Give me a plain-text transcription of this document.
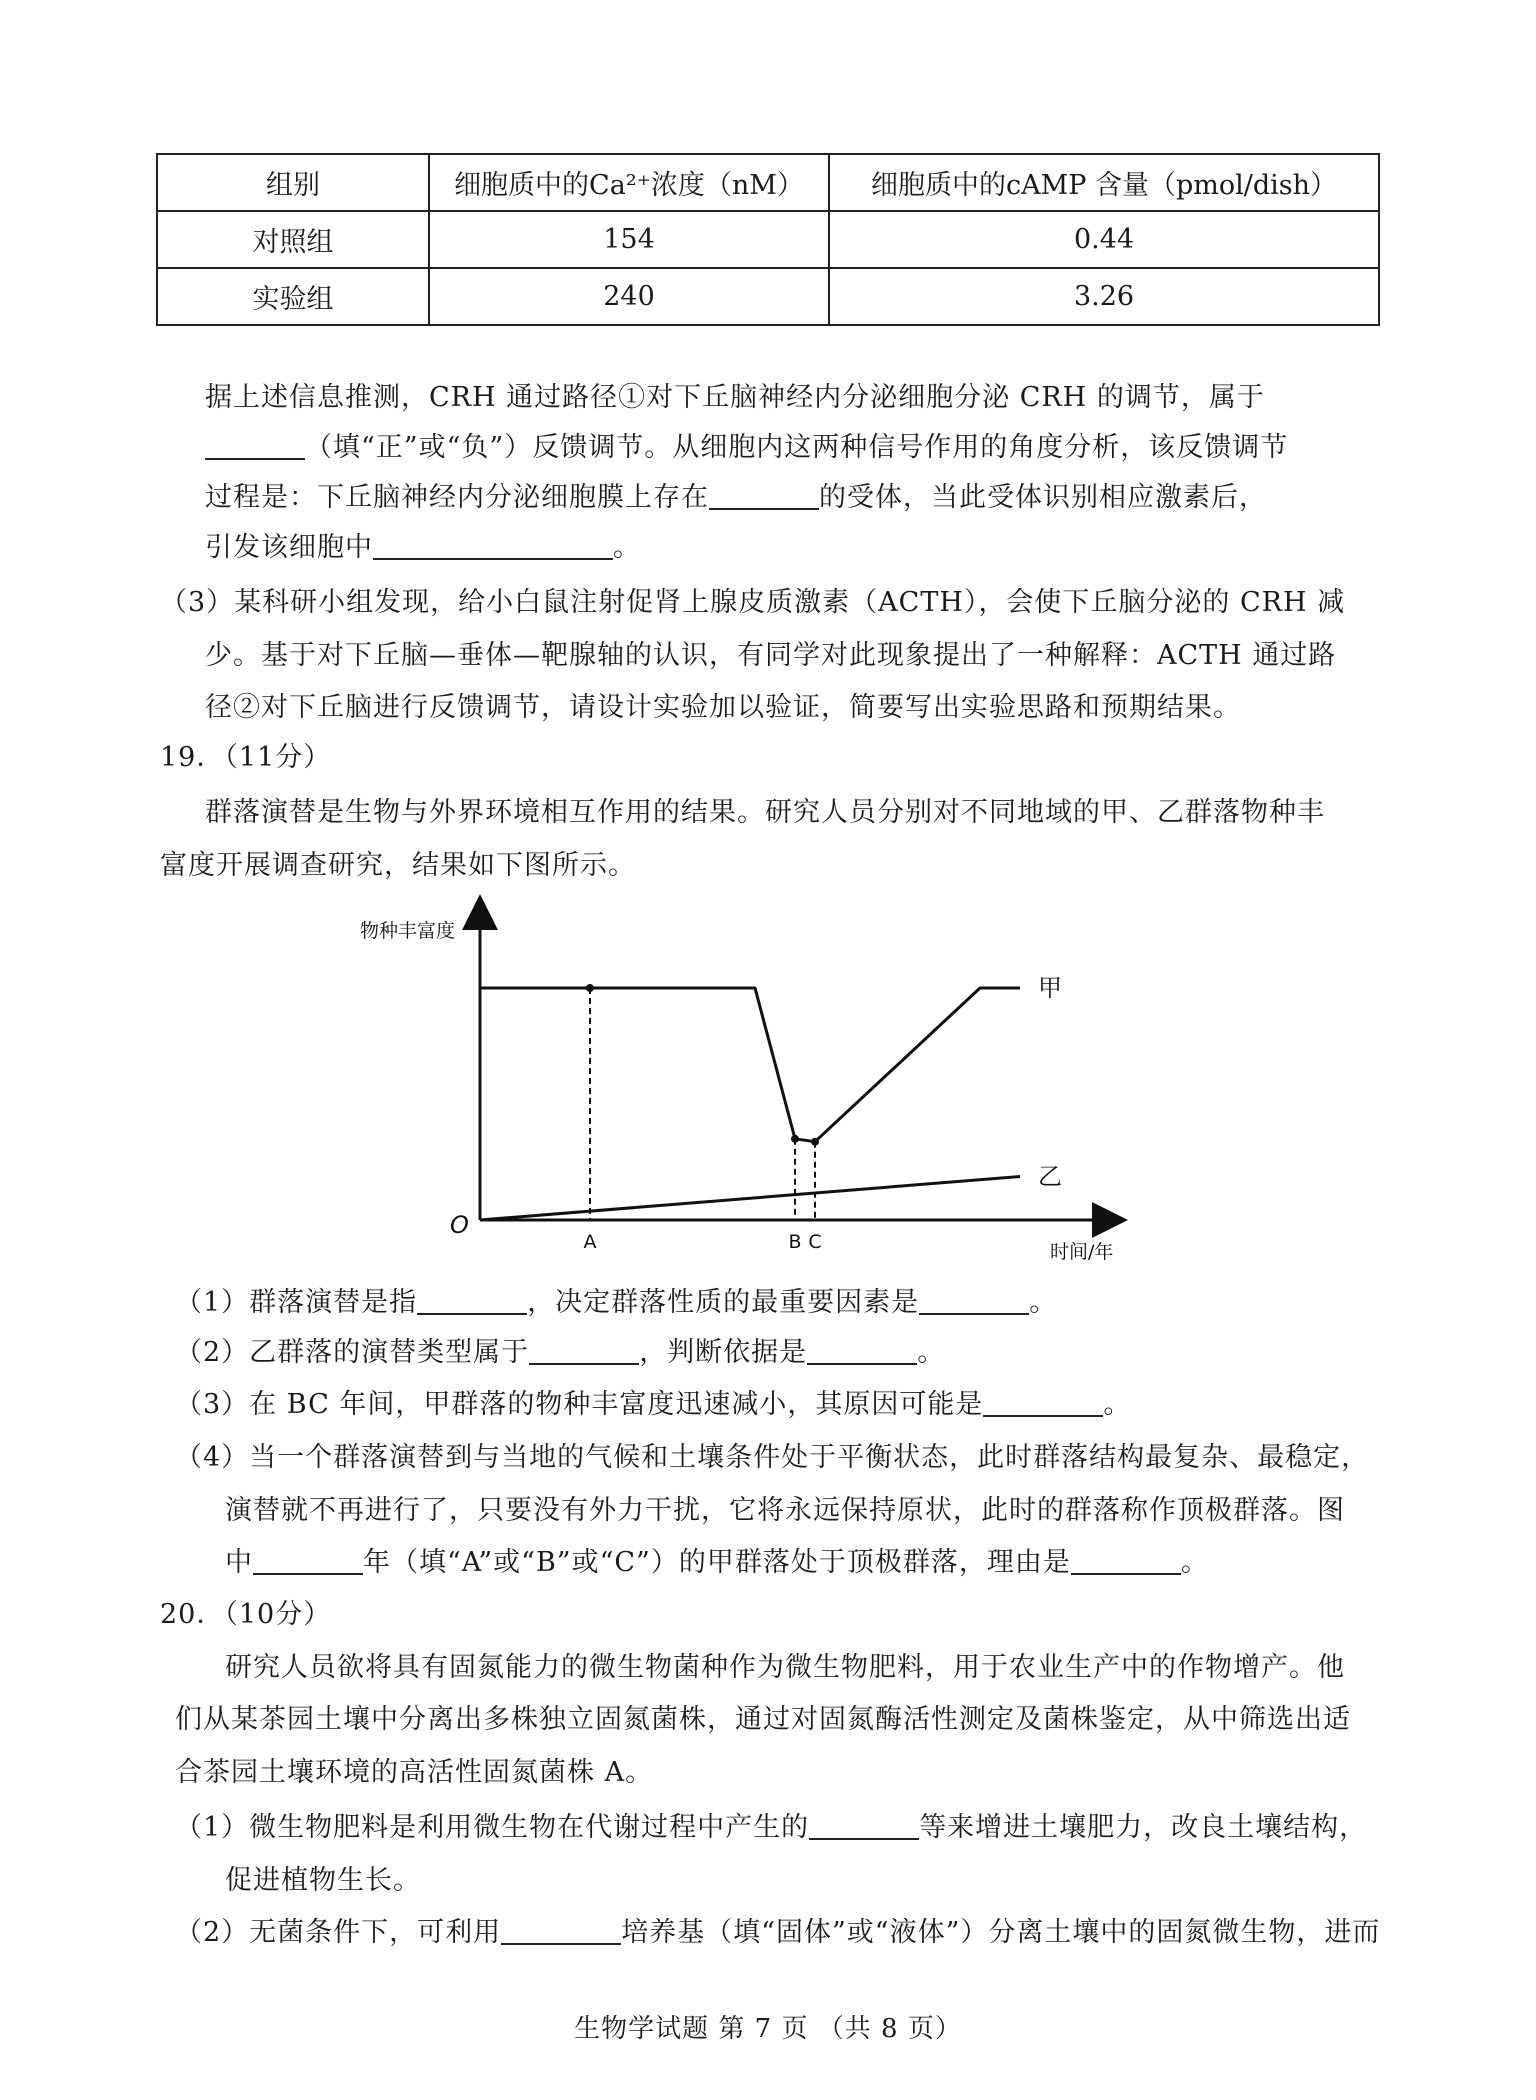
组别	细胞质中的Ca²⁺浓度（nM）	细胞质中的cAMP 含量（pmol/dish）
对照组	154	0.44
实验组	240	3.26
据上述信息推测，CRH 通过路径①对下丘脑神经内分泌细胞分泌 CRH 的调节，属于
（填“正”或“负”）反馈调节。从细胞内这两种信号作用的角度分析，该反馈调节
过程是：下丘脑神经内分泌细胞膜上存在	的受体，当此受体识别相应激素后，
引发该细胞中	。
（3）某科研小组发现，给小白鼠注射促肾上腺皮质激素（ACTH），会使下丘脑分泌的 CRH 减
少。基于对下丘脑—垂体—靶腺轴的认识，有同学对此现象提出了一种解释：ACTH 通过路
径②对下丘脑进行反馈调节，请设计实验加以验证，简要写出实验思路和预期结果。
19．（11分）
群落演替是生物与外界环境相互作用的结果。研究人员分别对不同地域的甲、乙群落物种丰
富度开展调查研究，结果如下图所示。
物种丰富度
时间/年
O
甲
乙
A	B C
（1）群落演替是指	，决定群落性质的最重要因素是	。
（2）乙群落的演替类型属于	，判断依据是	。
（3）在 BC 年间，甲群落的物种丰富度迅速减小，其原因可能是	。
（4）当一个群落演替到与当地的气候和土壤条件处于平衡状态，此时群落结构最复杂、最稳定，
演替就不再进行了，只要没有外力干扰，它将永远保持原状，此时的群落称作顶极群落。图
中	年（填“A”或“B”或“C”）的甲群落处于顶极群落，理由是	。
20．（10分）
研究人员欲将具有固氮能力的微生物菌种作为微生物肥料，用于农业生产中的作物增产。他
们从某茶园土壤中分离出多株独立固氮菌株，通过对固氮酶活性测定及菌株鉴定，从中筛选出适
合茶园土壤环境的高活性固氮菌株 A。
（1）微生物肥料是利用微生物在代谢过程中产生的	等来增进土壤肥力，改良土壤结构，
促进植物生长。
（2）无菌条件下，可利用	培养基（填“固体”或“液体”）分离土壤中的固氮微生物，进而
生物学试题 第 7 页 （共 8 页）
